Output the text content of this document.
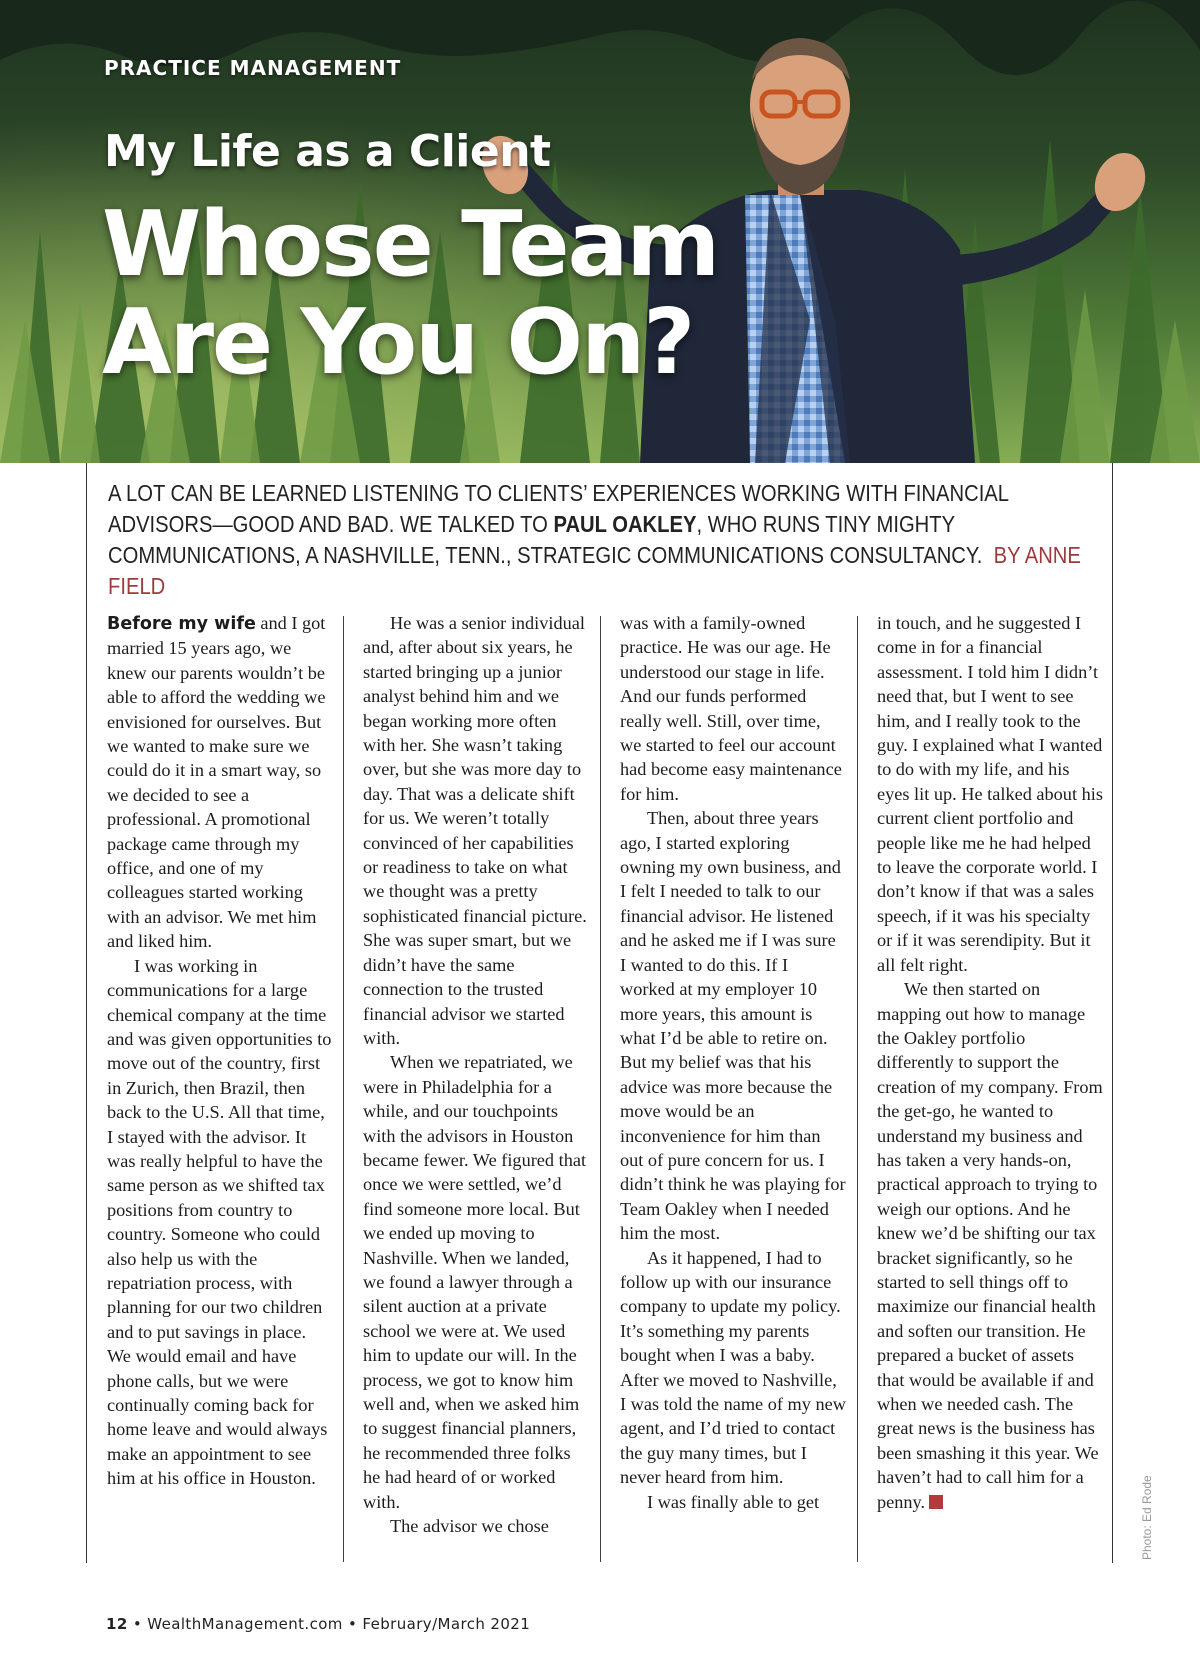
PRACTICE MANAGEMENT
My Life as a Client
Whose Team
Are You On?

A LOT CAN BE LEARNED LISTENING TO CLIENTS’ EXPERIENCES WORKING WITH FINANCIAL ADVISORS—GOOD AND BAD. WE TALKED TO PAUL OAKLEY, WHO RUNS TINY MIGHTY COMMUNICATIONS, A NASHVILLE, TENN., STRATEGIC COMMUNICATIONS CONSULTANCY. BY ANNE FIELD

Before my wife and I got married 15 years ago, we knew our parents wouldn’t be able to afford the wedding we envisioned for ourselves. But we wanted to make sure we could do it in a smart way, so we decided to see a professional. A promotional package came through my office, and one of my colleagues started working with an advisor. We met him and liked him.

I was working in communications for a large chemical company at the time and was given opportunities to move out of the country, first in Zurich, then Brazil, then back to the U.S. All that time, I stayed with the advisor. It was really helpful to have the same person as we shifted tax positions from country to country. Someone who could also help us with the repatriation process, with planning for our two children and to put savings in place. We would email and have phone calls, but we were continually coming back for home leave and would always make an appointment to see him at his office in Houston.

He was a senior individual and, after about six years, he started bringing up a junior analyst behind him and we began working more often with her. She wasn’t taking over, but she was more day to day. That was a delicate shift for us. We weren’t totally convinced of her capabilities or readiness to take on what we thought was a pretty sophisticated financial picture. She was super smart, but we didn’t have the same connection to the trusted financial advisor we started with.

When we repatriated, we were in Philadelphia for a while, and our touchpoints with the advisors in Houston became fewer. We figured that once we were settled, we’d find someone more local. But we ended up moving to Nashville. When we landed, we found a lawyer through a silent auction at a private school we were at. We used him to update our will. In the process, we got to know him well and, when we asked him to suggest financial planners, he recommended three folks he had heard of or worked with.

The advisor we chose

was with a family-owned practice. He was our age. He understood our stage in life. And our funds performed really well. Still, over time, we started to feel our account had become easy maintenance for him.

Then, about three years ago, I started exploring owning my own business, and I felt I needed to talk to our financial advisor. He listened and he asked me if I was sure I wanted to do this. If I worked at my employer 10 more years, this amount is what I’d be able to retire on. But my belief was that his advice was more because the move would be an inconvenience for him than out of pure concern for us. I didn’t think he was playing for Team Oakley when I needed him the most.

As it happened, I had to follow up with our insurance company to update my policy. It’s something my parents bought when I was a baby. After we moved to Nashville, I was told the name of my new agent, and I’d tried to contact the guy many times, but I never heard from him.

I was finally able to get

in touch, and he suggested I come in for a financial assessment. I told him I didn’t need that, but I went to see him, and I really took to the guy. I explained what I wanted to do with my life, and his eyes lit up. He talked about his current client portfolio and people like me he had helped to leave the corporate world. I don’t know if that was a sales speech, if it was his specialty or if it was serendipity. But it all felt right.

We then started on mapping out how to manage the Oakley portfolio differently to support the creation of my company. From the get-go, he wanted to understand my business and has taken a very hands-on, practical approach to trying to weigh our options. And he knew we’d be shifting our tax bracket significantly, so he started to sell things off to maximize our financial health and soften our transition. He prepared a bucket of assets that would be available if and when we needed cash. The great news is the business has been smashing it this year. We haven’t had to call him for a penny.	Photo: Ed Rode
12 • WealthManagement.com • February/March 2021
